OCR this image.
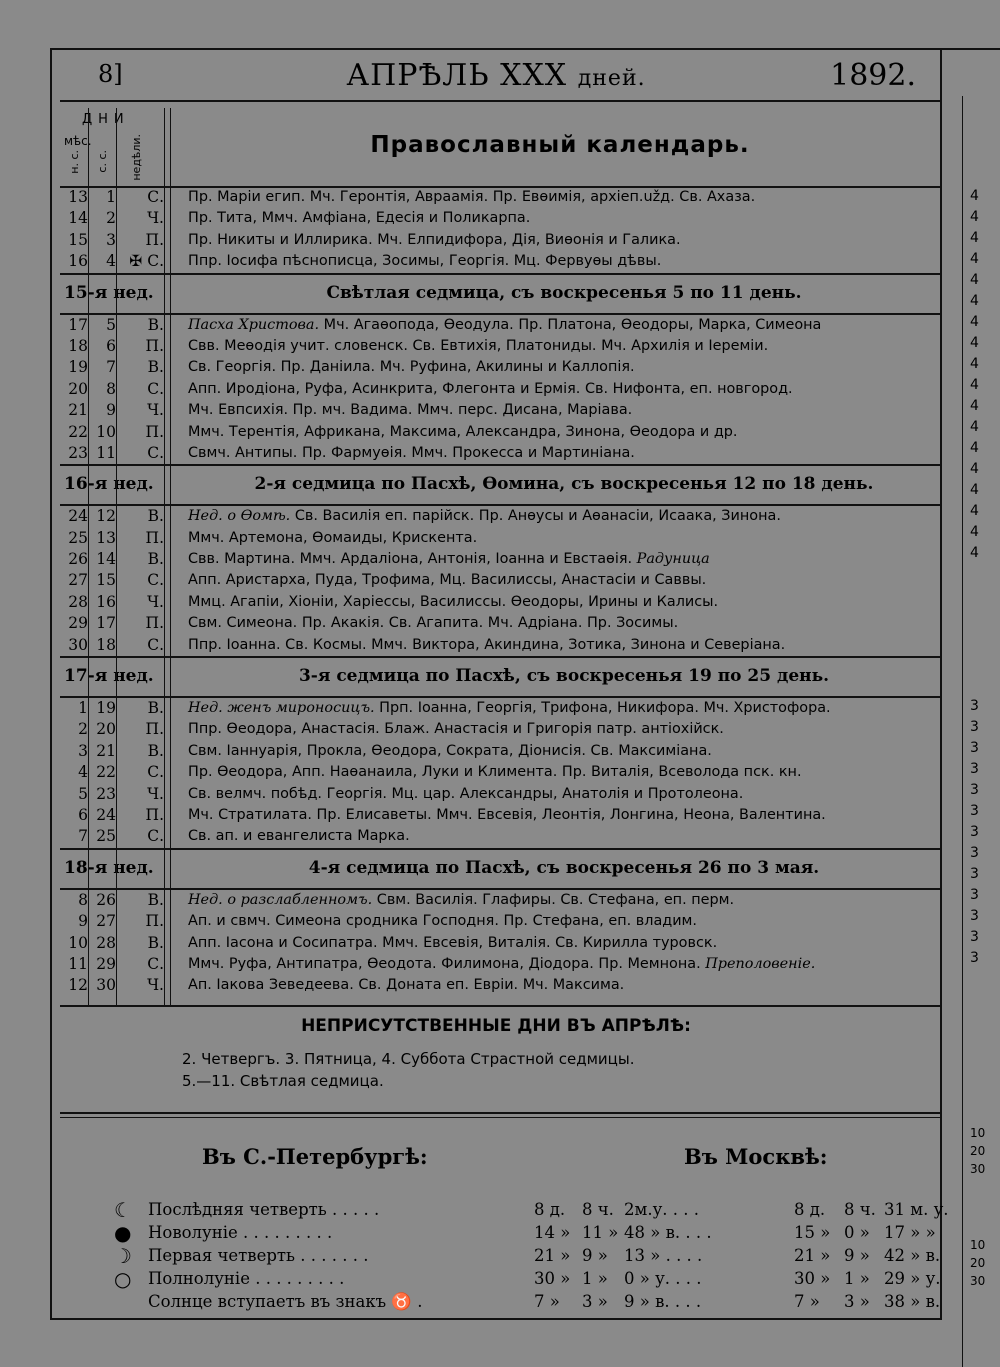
8]	АПРѢЛЬ XXX дней.	1892.
ДНИ
мѣс.
н. с. с. с. недѣли.	Православный календарь.
13	1	С. Пр. Маріи егип. Мч. Геронтія, Авраамія. Пр. Евѳимія, архіеп.užд. Св. Ахаза.
14	2	Ч. Пр. Тита, Ммч. Амфіана, Едесія и Поликарпа.
15	3	П. Пр. Никиты и Иллирика. Мч. Елпидифора, Дія, Виѳонія и Галика.
16	4 ✠ С. Ппр. Іосифа пѣснописца, Зосимы, Георгія. Мц. Фервуѳы дѣвы.
15-я нед.	Свѣтлая седмица, съ воскресенья 5 по 11 день.
17	5	В. Пасха Христова. Мч. Агаѳопода, Ѳеодула. Пр. Платона, Ѳеодоры, Марка, Симеона
18	6	П. Свв. Меѳодія учит. словенск. Св. Евтихія, Платониды. Мч. Архилія и Іереміи.
19	7	В. Св. Георгія. Пр. Даніила. Мч. Руфина, Акилины и Каллопія.
20	8	С. Апп. Иродіона, Руфа, Асинкрита, Флегонта и Ермія. Св. Нифонта, еп. новгород.
21	9	Ч. Мч. Евпсихія. Пр. мч. Вадима. Ммч. перс. Дисана, Маріава.
22 10	П. Ммч. Терентія, Африкана, Максима, Александра, Зинона, Ѳеодора и др.
23 11	С. Свмч. Антипы. Пр. Фармуѳія. Ммч. Прокесса и Мартиніана.
16-я нед.	2-я седмица по Пасхѣ, Ѳомина, съ воскресенья 12 по 18 день.
24 12	В. Нед. о Ѳомѣ. Св. Василія еп. парійск. Пр. Анѳусы и Аѳанасіи, Исаака, Зинона.
25 13	П. Ммч. Артемона, Ѳомаиды, Крискента.
26 14	В. Свв. Мартина. Ммч. Ардаліона, Антонія, Іоанна и Евстаѳія. Радуница
27 15	С. Апп. Аристарха, Пуда, Трофима, Мц. Василиссы, Анастасіи и Саввы.
28 16	Ч. Ммц. Агапіи, Хіоніи, Харіессы, Василиссы. Ѳеодоры, Ирины и Калисы.
29 17	П. Свм. Симеона. Пр. Акакія. Св. Агапита. Мч. Адріана. Пр. Зосимы.
30 18	С. Ппр. Іоанна. Св. Космы. Ммч. Виктора, Акиндина, Зотика, Зинона и Северіана.
17-я нед.	3-я седмица по Пасхѣ, съ воскресенья 19 по 25 день.
1 19	В. Нед. женъ мироносицъ. Прп. Іоанна, Георгія, Трифона, Никифора. Мч. Христофора.
2 20	П. Ппр. Ѳеодора, Анастасія. Блаж. Анастасія и Григорія патр. антіохійск.
3 21	В. Свм. Іаннуарія, Прокла, Ѳеодора, Сократа, Діонисія. Св. Максиміана.
4 22	С. Пр. Ѳеодора, Апп. Наѳанаила, Луки и Климента. Пр. Виталія, Всеволода пск. кн.
5 23	Ч. Св. велмч. побѣд. Георгія. Мц. цар. Александры, Анатолія и Протолеона.
6 24	П. Мч. Стратилата. Пр. Елисаветы. Ммч. Евсевія, Леонтія, Лонгина, Неона, Валентина.
7 25	С. Св. ап. и евангелиста Марка.
18-я нед.	4-я седмица по Пасхѣ, съ воскресенья 26 по 3 мая.
8 26	В. Нед. о разслабленномъ. Свм. Василія. Глафиры. Св. Стефана, еп. перм.
9 27	П. Ап. и свмч. Симеона сродника Господня. Пр. Стефана, еп. владим.
10 28	В. Апп. Іасона и Сосипатра. Ммч. Евсевія, Виталія. Св. Кирилла туровск.
11 29	С. Ммч. Руфа, Антипатра, Ѳеодота. Филимона, Діодора. Пр. Мемнона. Преполовеніе.
12 30	Ч. Ап. Іакова Зеведеева. Св. Доната еп. Евріи. Мч. Максима.
НЕПРИСУТСТВЕННЫЕ ДНИ ВЪ АПРѢЛѢ:
2. Четвергъ. 3. Пятница, 4. Суббота Страстной седмицы.
5.—11. Свѣтлая седмица.
Въ С.-Петербургѣ:	Въ Москвѣ:
☾ Послѣдняя четверть . . . . .	8 д. 8 ч. 2м.у. . . .	8 д. 8 ч. 31 м. у.
● Новолуніе . . . . . . . . .	14 » 11 » 48 » в. . . .	15 » 0 » 17 » »
☽ Первая четверть . . . . . . .	21 » 9 » 13 » . . . .	21 » 9 » 42 » в.
○ Полнолуніе . . . . . . . . .	30 » 1 » 0 » у. . . .	30 » 1 » 29 » у.
Солнце вступаетъ въ знакъ ♉ .	7 » 3 » 9 » в. . . .	7 » 3 » 38 » в.
4
4
4
4
4
4
4
4
4
4
4
4
4
4
4
4
4
4
3
3
3
3
3
3
3
3
3
3
3
3
3
10
20
30
10
20
30
